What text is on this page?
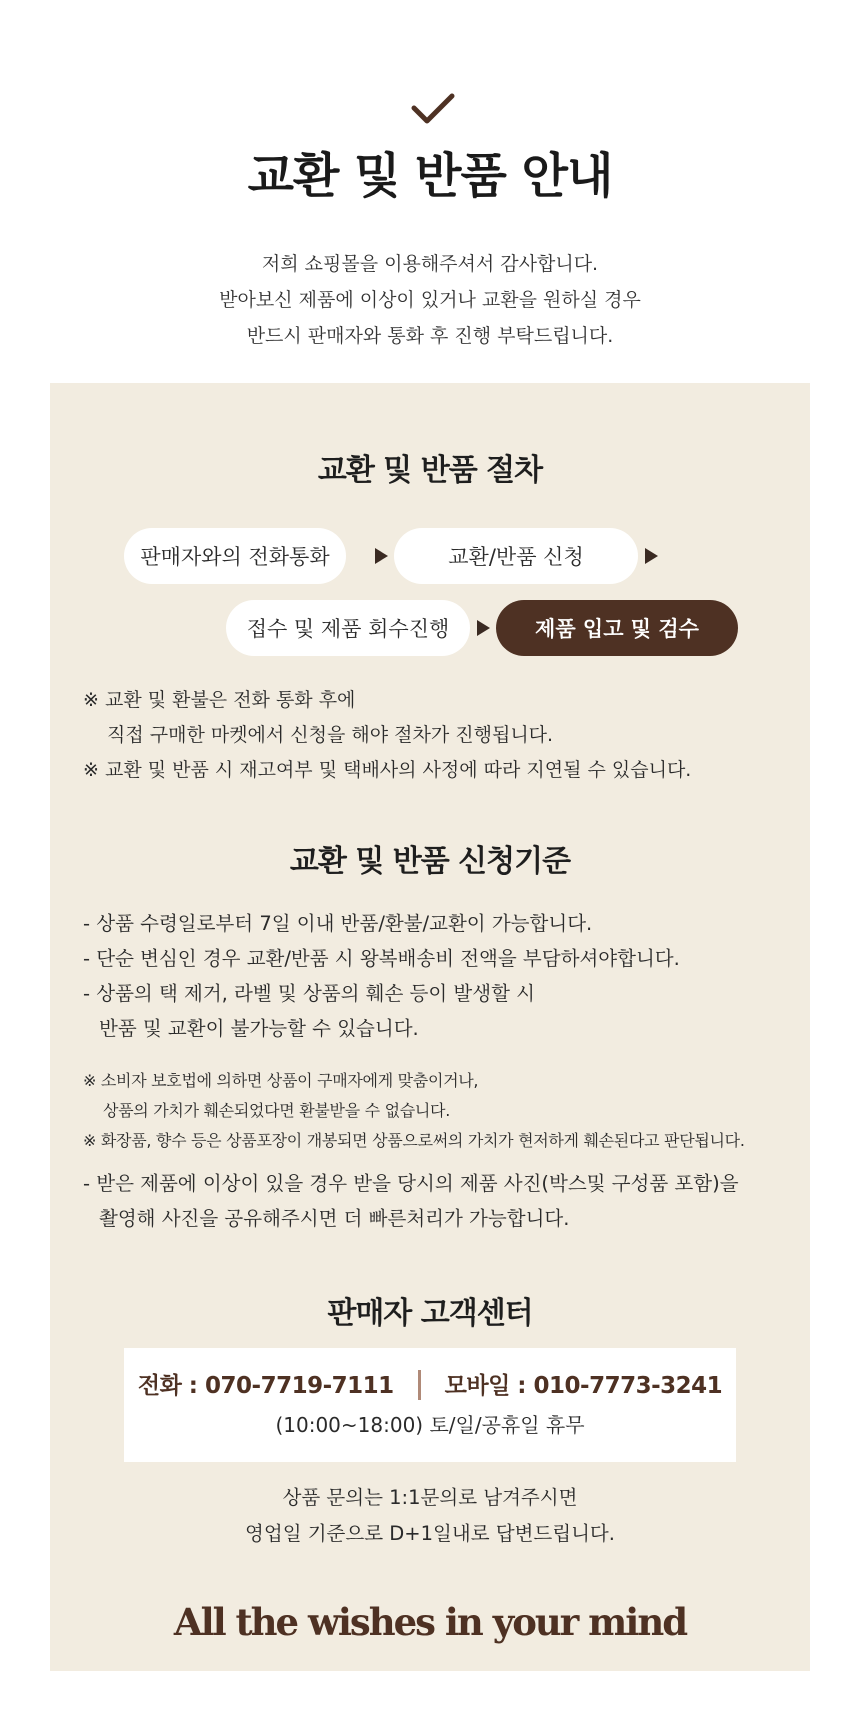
교환 및 반품 안내
저희 쇼핑몰을 이용해주셔서 감사합니다.
받아보신 제품에 이상이 있거나 교환을 원하실 경우
반드시 판매자와 통화 후 진행 부탁드립니다.
교환 및 반품 절차
판매자와의 전화통화	교환/반품 신청
접수 및 제품 회수진행	제품 입고 및 검수
※ 교환 및 환불은 전화 통화 후에
직접 구매한 마켓에서 신청을 해야 절차가 진행됩니다.
※ 교환 및 반품 시 재고여부 및 택배사의 사정에 따라 지연될 수 있습니다.
교환 및 반품 신청기준
- 상품 수령일로부터 7일 이내 반품/환불/교환이 가능합니다.
- 단순 변심인 경우 교환/반품 시 왕복배송비 전액을 부담하셔야합니다.
- 상품의 택 제거, 라벨 및 상품의 훼손 등이 발생할 시
반품 및 교환이 불가능할 수 있습니다.
※ 소비자 보호법에 의하면 상품이 구매자에게 맞춤이거나,
상품의 가치가 훼손되었다면 환불받을 수 없습니다.
※ 화장품, 향수 등은 상품포장이 개봉되면 상품으로써의 가치가 현저하게 훼손된다고 판단됩니다.
- 받은 제품에 이상이 있을 경우 받을 당시의 제품 사진(박스및 구성품 포함)을
촬영해 사진을 공유해주시면 더 빠른처리가 가능합니다.
판매자 고객센터
전화 : 070-7719-7111 모바일 : 010-7773-3241
(10:00~18:00) 토/일/공휴일 휴무
상품 문의는 1:1문의로 남겨주시면
영업일 기준으로 D+1일내로 답변드립니다.
All the wishes in your mind
